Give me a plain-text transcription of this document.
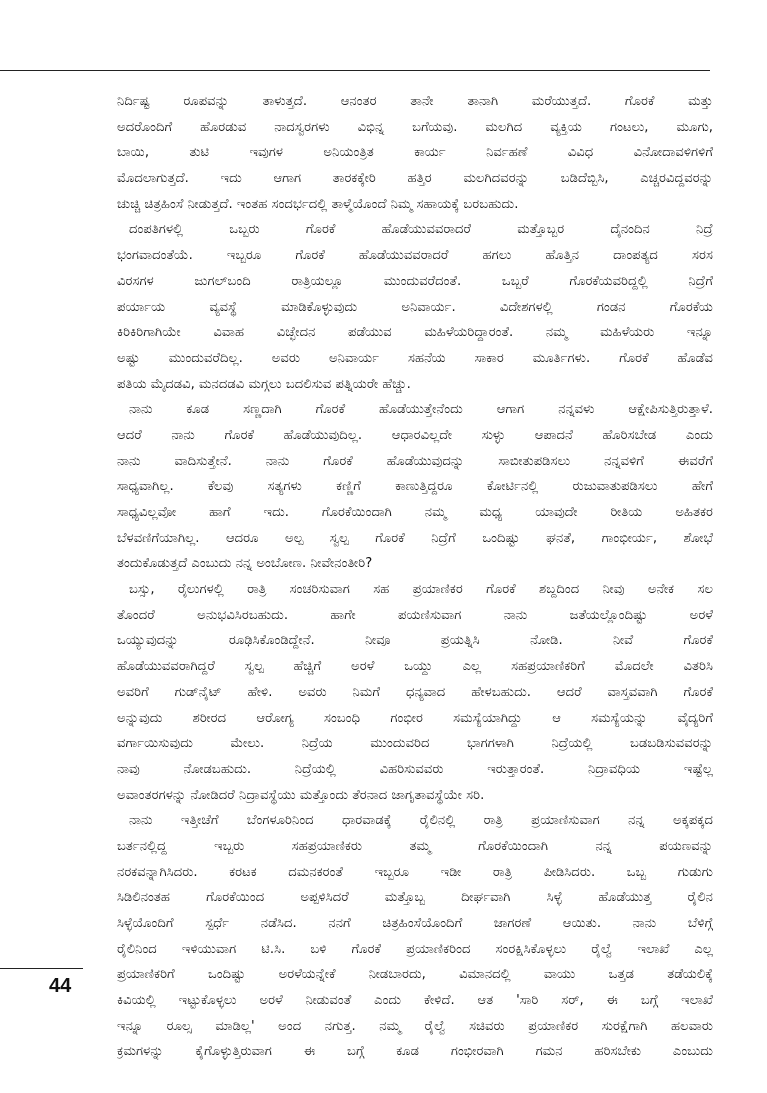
ನಿರ್ದಿಷ್ಟ ರೂಪವನ್ನು ತಾಳುತ್ತದೆ. ಆನಂತರ ತಾನೇ ತಾನಾಗಿ ಮರೆಯುತ್ತದೆ. ಗೊರಕೆ ಮತ್ತು
ಅದರೊಂದಿಗೆ ಹೊರಡುವ ನಾದಸ್ವರಗಳು ವಿಭಿನ್ನ ಬಗೆಯವು. ಮಲಗಿದ ವ್ಯಕ್ತಿಯ ಗಂಟಲು, ಮೂಗು,
ಬಾಯಿ, ತುಟಿ ಇವುಗಳ ಅನಿಯಂತ್ರಿತ ಕಾರ್ಯ ನಿರ್ವಹಣೆ ವಿವಿಧ ವಿನೋದಾವಳಿಗಳಿಗೆ
ಮೊದಲಾಗುತ್ತದೆ. ಇದು ಆಗಾಗ ತಾರಕಕ್ಕೇರಿ ಹತ್ತಿರ ಮಲಗಿದವರನ್ನು ಬಡಿದೆಬ್ಬಿಸಿ, ಎಚ್ಚರವಿದ್ದವರನ್ನು
ಚುಚ್ಚಿ ಚಿತ್ರಹಿಂಸೆ ನೀಡುತ್ತದೆ. ಇಂತಹ ಸಂದರ್ಭದಲ್ಲಿ ತಾಳ್ಮೆಯೊಂದೆ ನಿಮ್ಮ ಸಹಾಯಕ್ಕೆ ಬರಬಹುದು.
ದಂಪತಿಗಳಲ್ಲಿ ಒಬ್ಬರು ಗೊರಕೆ ಹೊಡೆಯುವವರಾದರೆ ಮತ್ತೊಬ್ಬರ ದೈನಂದಿನ ನಿದ್ರೆ
ಭಂಗವಾದಂತೆಯೆ. ಇಬ್ಬರೂ ಗೊರಕೆ ಹೊಡೆಯುವವರಾದರೆ ಹಗಲು ಹೊತ್ತಿನ ದಾಂಪತ್ಯದ ಸರಸ
ವಿರಸಗಳ ಜುಗಲ್‌ಬಂದಿ ರಾತ್ರಿಯಲ್ಲೂ ಮುಂದುವರೆದಂತೆ. ಒಬ್ಬರೆ ಗೊರಕೆಯವರಿದ್ದಲ್ಲಿ ನಿದ್ರೆಗೆ
ಪರ್ಯಾಯ ವ್ಯವಸ್ಥೆ ಮಾಡಿಕೊಳ್ಳುವುದು ಅನಿವಾರ್ಯ. ವಿದೇಶಗಳಲ್ಲಿ ಗಂಡನ ಗೊರಕೆಯ
ಕಿರಿಕಿರಿಗಾಗಿಯೇ ವಿವಾಹ ವಿಚ್ಛೇದನ ಪಡೆಯುವ ಮಹಿಳೆಯರಿದ್ದಾರಂತೆ. ನಮ್ಮ ಮಹಿಳೆಯರು ಇನ್ನೂ
ಅಷ್ಟು ಮುಂದುವರೆದಿಲ್ಲ. ಅವರು ಅನಿವಾರ್ಯ ಸಹನೆಯ ಸಾಕಾರ ಮೂರ್ತಿಗಳು. ಗೊರಕೆ ಹೊಡೆವ
ಪತಿಯ ಮೈದಡವಿ, ಮನದಡವಿ ಮಗ್ಗಲು ಬದಲಿಸುವ ಪತ್ನಿಯರೇ ಹೆಚ್ಚು.
ನಾನು ಕೂಡ ಸಣ್ಣದಾಗಿ ಗೊರಕೆ ಹೊಡೆಯುತ್ತೇನೆಂದು ಆಗಾಗ ನನ್ನವಳು ಆಕ್ಷೇಪಿಸುತ್ತಿರುತ್ತಾಳೆ.
ಆದರೆ ನಾನು ಗೊರಕೆ ಹೊಡೆಯುವುದಿಲ್ಲ. ಆಧಾರವಿಲ್ಲದೇ ಸುಳ್ಳು ಆಪಾದನೆ ಹೊರಿಸಬೇಡ ಎಂದು
ನಾನು ವಾದಿಸುತ್ತೇನೆ. ನಾನು ಗೊರಕೆ ಹೊಡೆಯುವುದನ್ನು ಸಾಬೀತುಪಡಿಸಲು ನನ್ನವಳಿಗೆ ಈವರೆಗೆ
ಸಾಧ್ಯವಾಗಿಲ್ಲ. ಕೆಲವು ಸತ್ಯಗಳು ಕಣ್ಣಿಗೆ ಕಾಣುತ್ತಿದ್ದರೂ ಕೋರ್ಟಿನಲ್ಲಿ ರುಜುವಾತುಪಡಿಸಲು ಹೇಗೆ
ಸಾಧ್ಯವಿಲ್ಲವೋ ಹಾಗೆ ಇದು. ಗೊರಕೆಯಿಂದಾಗಿ ನಮ್ಮ ಮಧ್ಯ ಯಾವುದೇ ರೀತಿಯ ಅಹಿತಕರ
ಬೆಳವಣಿಗೆಯಾಗಿಲ್ಲ. ಆದರೂ ಅಲ್ಪ ಸ್ವಲ್ಪ ಗೊರಕೆ ನಿದ್ರೆಗೆ ಒಂದಿಷ್ಟು ಘನತೆ, ಗಾಂಭೀರ್ಯ, ಶೋಭೆ
ತಂದುಕೊಡುತ್ತದೆ ಎಂಬುದು ನನ್ನ ಅಂಬೋಣ. ನೀವೇನಂತೀರಿ?
ಬಸ್ಸು, ರೈಲುಗಳಲ್ಲಿ ರಾತ್ರಿ ಸಂಚರಿಸುವಾಗ ಸಹ ಪ್ರಯಾಣಿಕರ ಗೊರಕೆ ಶಬ್ದದಿಂದ ನೀವು ಅನೇಕ ಸಲ
ತೊಂದರೆ ಅನುಭವಿಸಿರಬಹುದು. ಹಾಗೇ ಪಯಣಿಸುವಾಗ ನಾನು ಜತೆಯಲ್ಲೊಂದಿಷ್ಟು ಅರಳೆ
ಒಯ್ಯುವುದನ್ನು ರೂಢಿಸಿಕೊಂಡಿದ್ದೇನೆ. ನೀವೂ ಪ್ರಯತ್ನಿಸಿ ನೋಡಿ. ನೀವೆ ಗೊರಕೆ
ಹೊಡೆಯುವವರಾಗಿದ್ದರೆ ಸ್ವಲ್ಪ ಹೆಚ್ಚಿಗೆ ಅರಳೆ ಒಯ್ದು ಎಲ್ಲ ಸಹಪ್ರಯಾಣಿಕರಿಗೆ ಮೊದಲೇ ವಿತರಿಸಿ
ಅವರಿಗೆ ಗುಡ್‌ನೈಟ್ ಹೇಳಿ. ಅವರು ನಿಮಗೆ ಧನ್ಯವಾದ ಹೇಳಬಹುದು. ಆದರೆ ವಾಸ್ತವವಾಗಿ ಗೊರಕೆ
ಅನ್ನುವುದು ಶರೀರದ ಆರೋಗ್ಯ ಸಂಬಂಧಿ ಗಂಭೀರ ಸಮಸ್ಯೆಯಾಗಿದ್ದು ಆ ಸಮಸ್ಯೆಯನ್ನು ವೈದ್ಯರಿಗೆ
ವರ್ಗಾಯಿಸುವುದು ಮೇಲು. ನಿದ್ರೆಯ ಮುಂದುವರಿದ ಭಾಗಗಳಾಗಿ ನಿದ್ರೆಯಲ್ಲಿ ಬಡಬಡಿಸುವವರನ್ನು
ನಾವು ನೋಡಬಹುದು. ನಿದ್ರೆಯಲ್ಲಿ ವಿಹರಿಸುವವರು ಇರುತ್ತಾರಂತೆ. ನಿದ್ರಾವಧಿಯ ಇಷ್ಟೆಲ್ಲ
ಅವಾಂತರಗಳನ್ನು ನೋಡಿದರೆ ನಿದ್ರಾವಸ್ಥೆಯು ಮತ್ತೊಂದು ತೆರನಾದ ಜಾಗೃತಾವಸ್ಥೆಯೇ ಸರಿ.
ನಾನು ಇತ್ತೀಚೆಗೆ ಬೆಂಗಳೂರಿನಿಂದ ಧಾರವಾಡಕ್ಕೆ ರೈಲಿನಲ್ಲಿ ರಾತ್ರಿ ಪ್ರಯಾಣಿಸುವಾಗ ನನ್ನ ಅಕ್ಕಪಕ್ಕದ
ಬರ್ತನಲ್ಲಿದ್ದ ಇಬ್ಬರು ಸಹಪ್ರಯಾಣಿಕರು ತಮ್ಮ ಗೊರಕೆಯಿಂದಾಗಿ ನನ್ನ ಪಯಣವನ್ನು
ನರಕವನ್ನಾಗಿಸಿದರು. ಕರಟಕ ದಮನಕರಂತೆ ಇಬ್ಬರೂ ಇಡೀ ರಾತ್ರಿ ಪೀಡಿಸಿದರು. ಒಬ್ಬ ಗುಡುಗು
ಸಿಡಿಲಿನಂತಹ ಗೊರಕೆಯಿಂದ ಅಪ್ಪಳಿಸಿದರೆ ಮತ್ತೊಬ್ಬ ದೀರ್ಘವಾಗಿ ಸಿಳ್ಳೆ ಹೊಡೆಯುತ್ತ ರೈಲಿನ
ಸಿಳ್ಳೆಯೊಂದಿಗೆ ಸ್ಪರ್ಧೆ ನಡೆಸಿದ. ನನಗೆ ಚಿತ್ರಹಿಂಸೆಯೊಂದಿಗೆ ಜಾಗರಣೆ ಆಯಿತು. ನಾನು ಬೆಳಿಗ್ಗೆ
ರೈಲಿನಿಂದ ಇಳಿಯುವಾಗ ಟಿ.ಸಿ. ಬಳಿ ಗೊರಕೆ ಪ್ರಯಾಣಿಕರಿಂದ ಸಂರಕ್ಷಿಸಿಕೊಳ್ಳಲು ರೈಲ್ವೆ ಇಲಾಖೆ ಎಲ್ಲ
ಪ್ರಯಾಣಿಕರಿಗೆ ಒಂದಿಷ್ಟು ಅರಳೆಯನ್ನೇಕೆ ನೀಡಬಾರದು, ವಿಮಾನದಲ್ಲಿ ವಾಯು ಒತ್ತಡ ತಡೆಯಲಿಕ್ಕೆ
ಕಿವಿಯಲ್ಲಿ ಇಟ್ಟುಕೊಳ್ಳಲು ಅರಳೆ ನೀಡುವಂತೆ ಎಂದು ಕೇಳಿದೆ. ಆತ 'ಸಾರಿ ಸರ್, ಈ ಬಗ್ಗೆ ಇಲಾಖೆ
ಇನ್ನೂ ರೂಲ್ಸ ಮಾಡಿಲ್ಲ' ಅಂದ ನಗುತ್ತ. ನಮ್ಮ ರೈಲ್ವೆ ಸಚಿವರು ಪ್ರಯಾಣಿಕರ ಸುರಕ್ಷೆಗಾಗಿ ಹಲವಾರು
ಕ್ರಮಗಳನ್ನು ಕೈಗೊಳ್ಳುತ್ತಿರುವಾಗ ಈ ಬಗ್ಗೆ ಕೂಡ ಗಂಭೀರವಾಗಿ ಗಮನ ಹರಿಸಬೇಕು ಎಂಬುದು
44
